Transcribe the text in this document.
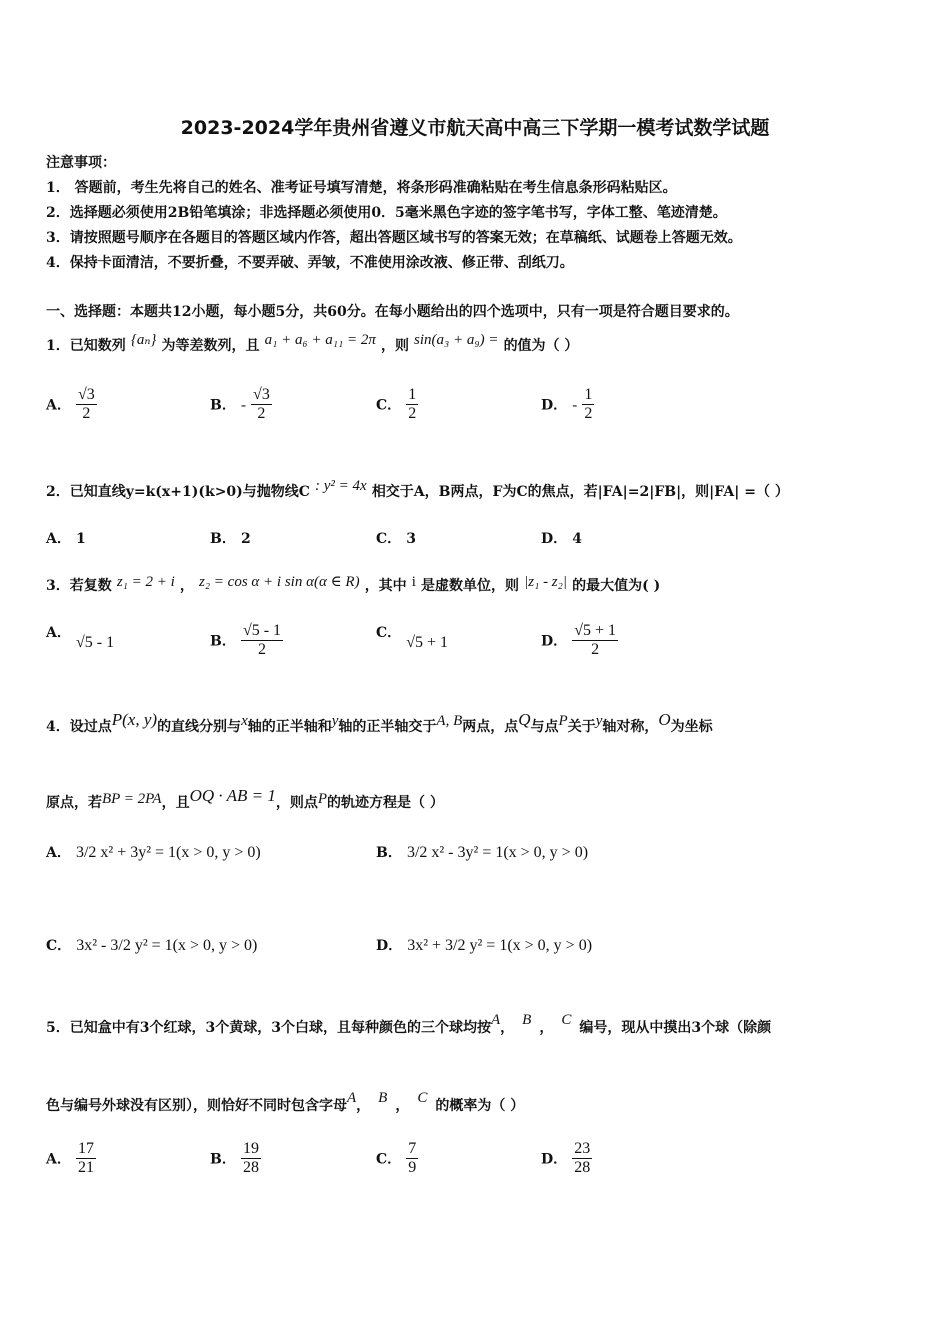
2023-2024学年贵州省遵义市航天高中高三下学期一模考试数学试题
注意事项：
1． 答题前，考生先将自己的姓名、准考证号填写清楚，将条形码准确粘贴在考生信息条形码粘贴区。
2．选择题必须使用2B铅笔填涂；非选择题必须使用0．5毫米黑色字迹的签字笔书写，字体工整、笔迹清楚。
3．请按照题号顺序在各题目的答题区域内作答，超出答题区域书写的答案无效；在草稿纸、试题卷上答题无效。
4．保持卡面清洁，不要折叠，不要弄破、弄皱，不准使用涂改液、修正带、刮纸刀。
一、选择题：本题共12小题，每小题5分，共60分。在每小题给出的四个选项中，只有一项是符合题目要求的。
1．已知数列 {aₙ} 为等差数列，且 a₁ + a₆ + a₁₁ = 2π ，则 sin(a₃ + a₉) = 的值为（ ）
A． $\frac{√3}{2}$	B． - $\frac{√3}{2}$	C． $\frac{1}{2}$	D． - $\frac{1}{2}$
2．已知直线y=k(x+1)(k>0)与抛物线C : y² = 4x 相交于A，B两点，F为C的焦点，若|FA|=2|FB|，则|FA| =（ ）
A． 1	B． 2	C． 3	D． 4
3．若复数 z₁ = 2 + i ， z₂ = cos α + i sin α(α ∈ R) ，其中 i 是虚数单位，则 |z₁ - z₂| 的最大值为( )
A． √5 - 1	B． $\frac{√5 - 1}{2}$	C． √5 + 1	D． $\frac{√5 + 1}{2}$
4．设过点P(x, y)的直线分别与x轴的正半轴和y轴的正半轴交于A, B两点，点Q与点P关于y轴对称，O为坐标
原点，若BP = 2PA，且OQ · AB = 1，则点P的轨迹方程是（ ）
A． 3/2 x² + 3y² = 1(x > 0, y > 0)	B． 3/2 x² - 3y² = 1(x > 0, y > 0)
C． 3x² - 3/2 y² = 1(x > 0, y > 0)	D． 3x² + 3/2 y² = 1(x > 0, y > 0)
5．已知盒中有3个红球，3个黄球，3个白球，且每种颜色的三个球均按A， B ， C 编号，现从中摸出3个球（除颜
色与编号外球没有区别），则恰好不同时包含字母A， B ， C 的概率为（ ）
A． $\frac{17}{21}$	B． $\frac{19}{28}$	C． $\frac{7}{9}$	D． $\frac{23}{28}$
